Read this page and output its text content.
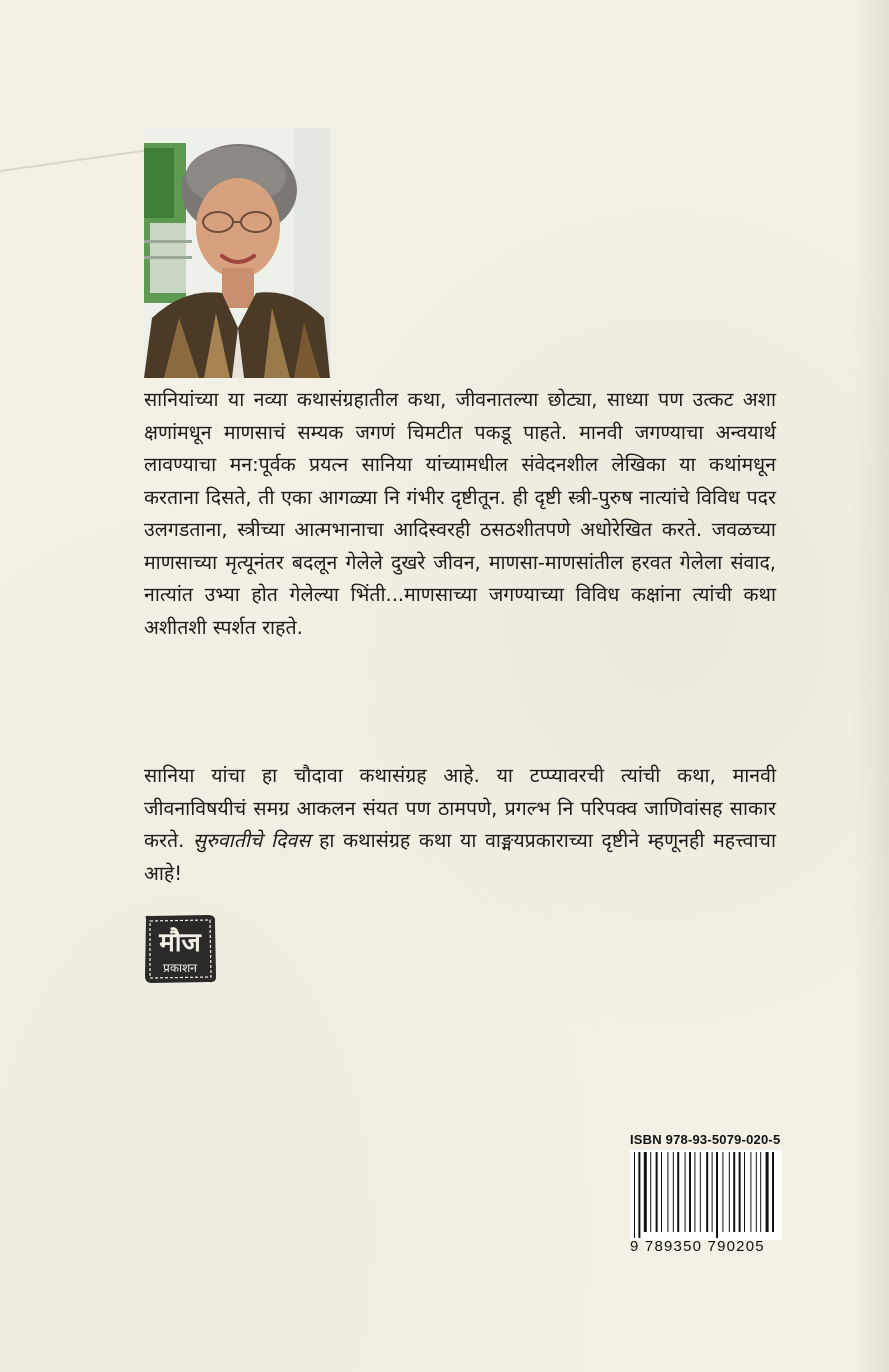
सानियांच्या या नव्या कथासंग्रहातील कथा, जीवनातल्या छोट्या, साध्या पण उत्कट अशा क्षणांमधून माणसाचं सम्यक जगणं चिमटीत पकडू पाहते. मानवी जगण्याचा अन्वयार्थ लावण्याचा मन:पूर्वक प्रयत्न सानिया यांच्यामधील संवेदनशील लेखिका या कथांमधून करताना दिसते, ती एका आगळ्या नि गंभीर दृष्टीतून. ही दृष्टी स्त्री-पुरुष नात्यांचे विविध पदर उलगडताना, स्त्रीच्या आत्मभानाचा आदिस्वरही ठसठशीतपणे अधोरेखित करते. जवळच्या माणसाच्या मृत्यूनंतर बदलून गेलेले दुखरे जीवन, माणसा-माणसांतील हरवत गेलेला संवाद, नात्यांत उभ्या होत गेलेल्या भिंती...माणसाच्या जगण्याच्या विविध कक्षांना त्यांची कथा अशीतशी स्पर्शत राहते.

सानिया यांचा हा चौदावा कथासंग्रह आहे. या टप्प्यावरची त्यांची कथा, मानवी जीवनाविषयीचं समग्र आकलन संयत पण ठामपणे, प्रगल्भ नि परिपक्व जाणिवांसह साकार करते. सुरुवातीचे दिवस हा कथासंग्रह कथा या वाङ्मयप्रकाराच्या दृष्टीने म्हणूनही महत्त्वाचा आहे!

मौज
प्रकाशन
ISBN 978-93-5079-020-5
9 789350 790205
